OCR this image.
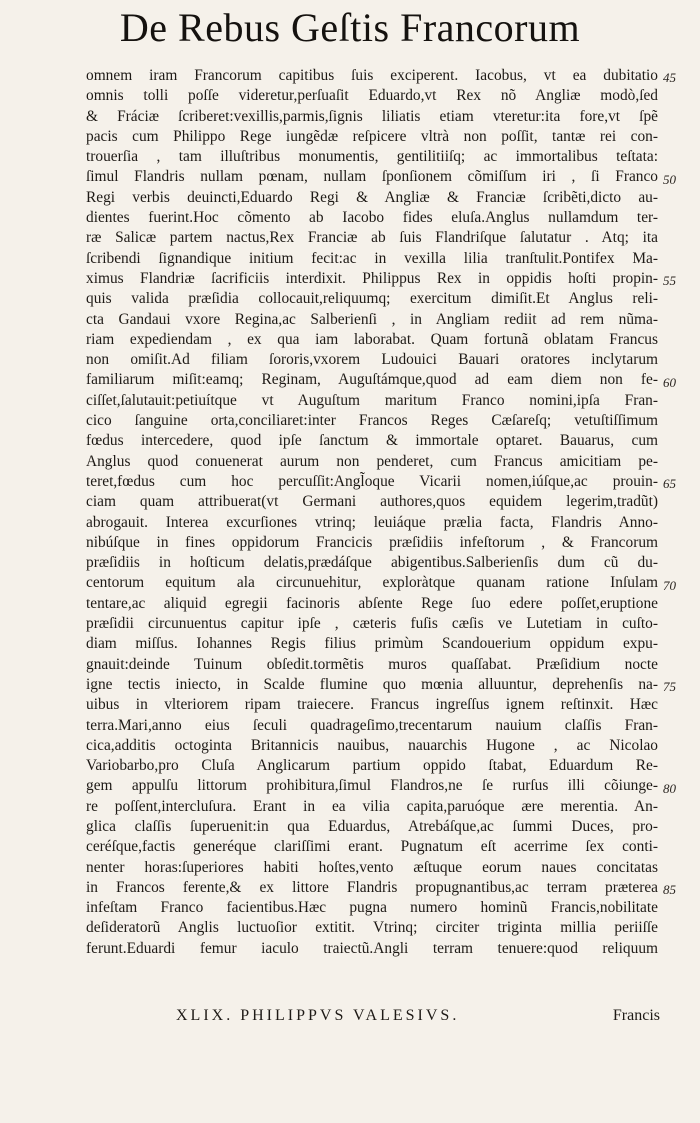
De Rebus Geſtis Francorum
omnem iram Francorum capitibus ſuis exciperent. Iacobus, vt ea dubitatio
omnis tolli poſſe videretur,perſuaſit Eduardo,vt Rex nõ Angliæ modò,ſed
& Fráciæ ſcriberet:vexillis,parmis,ſignis liliatis etiam vteretur:ita fore,vt ſpẽ
pacis cum Philippo Rege iungẽdæ reſpicere vltrà non poſſit, tantæ rei con-
trouerſia , tam illuſtribus monumentis, gentilitiiſq; ac immortalibus teſtata:
ſimul Flandris nullam pœnam, nullam ſponſionem cõmiſſum iri , ſi Franco
Regi verbis deuincti,Eduardo Regi & Angliæ & Franciæ ſcribẽti,dicto au-
dientes fuerint.Hoc cõmento ab Iacobo fides eluſa.Anglus nullamdum ter-
ræ Salicæ partem nactus,Rex Franciæ ab ſuis Flandriſque ſalutatur . Atq; ita
ſcribendi ſignandique initium fecit:ac in vexilla lilia tranſtulit.Pontifex Ma-
ximus Flandriæ ſacrificiis interdixit. Philippus Rex in oppidis hoſti propin-
quis valida præſidia collocauit,reliquumq; exercitum dimiſit.Et Anglus reli-
cta Gandaui vxore Regina,ac Salberienſi , in Angliam rediit ad rem nũma-
riam expediendam , ex qua iam laborabat. Quam fortunã oblatam Francus
non omiſit.Ad filiam ſororis,vxorem Ludouici Bauari oratores inclytarum
familiarum miſit:eamq; Reginam, Auguſtámque,quod ad eam diem non fe-
ciſſet,ſalutauit:petiuítque vt Auguſtum maritum Franco nomini,ipſa Fran-
cico ſanguine orta,conciliaret:inter Francos Reges Cæſareſq; vetuſtiſſimum
fœdus intercedere, quod ipſe ſanctum & immortale optaret. Bauarus, cum
Anglus quod conuenerat aurum non penderet, cum Francus amicitiam pe-
teret,fœdus cum hoc percuſſit:Angl̃oque Vicarii nomen,iúſque,ac prouin-
ciam quam attribuerat(vt Germani authores,quos equidem legerim,tradũt)
abrogauit. Interea excurſiones vtrinq; leuiáque prælia facta, Flandris Anno-
nibúſque in fines oppidorum Francicis præſidiis infeſtorum , & Francorum
præſidiis in hoſticum delatis,prædáſque abigentibus.Salberienſis dum cũ du-
centorum equitum ala circunuehitur, exploràtque quanam ratione Inſulam
tentare,ac aliquid egregii facinoris abſente Rege ſuo edere poſſet,eruptione
præſidii circunuentus capitur ipſe , cæteris fuſis cæſis ve Lutetiam in cuſto-
diam miſſus. Iohannes Regis filius primùm Scandouerium oppidum expu-
gnauit:deinde Tuinum obſedit.tormẽtis muros quaſſabat. Præſidium nocte
igne tectis iniecto, in Scalde flumine quo mœnia alluuntur, deprehenſis na-
uibus in vlteriorem ripam traiecere. Francus ingreſſus ignem reſtinxit. Hæc
terra.Mari,anno eius ſeculi quadrageſimo,trecentarum nauium claſſis Fran-
cica,additis octoginta Britannicis nauibus, nauarchis Hugone , ac Nicolao
Variobarbo,pro Cluſa Anglicarum partium oppido ſtabat, Eduardum Re-
gem appulſu littorum prohibitura,ſimul Flandros,ne ſe rurſus illi cõiunge-
re poſſent,intercluſura. Erant in ea vilia capita,paruóque ære merentia. An-
glica claſſis ſuperuenit:in qua Eduardus, Atrebáſque,ac ſummi Duces, pro-
ceréſque,factis generéque clariſſimi erant. Pugnatum eſt acerrime ſex conti-
nenter horas:ſuperiores habiti hoſtes,vento æſtuque eorum naues concitatas
in Francos ferente,& ex littore Flandris propugnantibus,ac terram præterea
infeſtam Franco facientibus.Hæc pugna numero hominũ Francis,nobilitate
deſideratorũ Anglis luctuoſior extitit. Vtrinq; circiter triginta millia periiſſe
ferunt.Eduardi femur iaculo traiectũ.Angli terram tenuere:quod reliquum
45
50
55
60
65
70
75
80
85
XLIX. PHILIPPVS VALESIVS.	Francis
